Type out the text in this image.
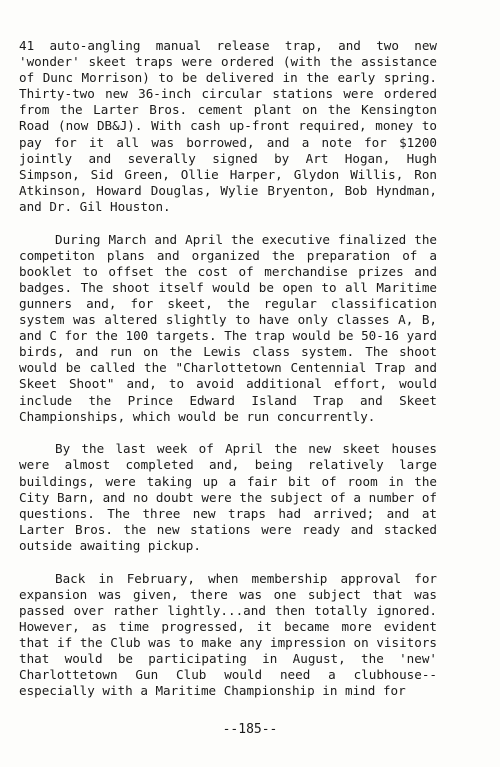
41 auto-angling manual release trap, and two new 'wonder' skeet traps were ordered (with the assistance of Dunc Morrison) to be delivered in the early spring. Thirty-two new 36-inch circular stations were ordered from the Larter Bros. cement plant on the Kensington Road (now DB&J). With cash up-front required, money to pay for it all was borrowed, and a note for $1200 jointly and severally signed by Art Hogan, Hugh Simpson, Sid Green, Ollie Harper, Glydon Willis, Ron Atkinson, Howard Douglas, Wylie Bryenton, Bob Hyndman, and Dr. Gil Houston.

During March and April the executive finalized the competiton plans and organized the preparation of a booklet to offset the cost of merchandise prizes and badges. The shoot itself would be open to all Maritime gunners and, for skeet, the regular classification system was altered slightly to have only classes A, B, and C for the 100 targets. The trap would be 50-16 yard birds, and run on the Lewis class system. The shoot would be called the "Charlottetown Centennial Trap and Skeet Shoot" and, to avoid additional effort, would include the Prince Edward Island Trap and Skeet Championships, which would be run concurrently.

By the last week of April the new skeet houses were almost completed and, being relatively large buildings, were taking up a fair bit of room in the City Barn, and no doubt were the subject of a number of questions. The three new traps had arrived; and at Larter Bros. the new stations were ready and stacked outside awaiting pickup.

Back in February, when membership approval for expansion was given, there was one subject that was passed over rather lightly...and then totally ignored. However, as time progressed, it became more evident that if the Club was to make any impression on visitors that would be participating in August, the 'new' Charlottetown Gun Club would need a clubhouse--especially with a Maritime Championship in mind for

--185--
